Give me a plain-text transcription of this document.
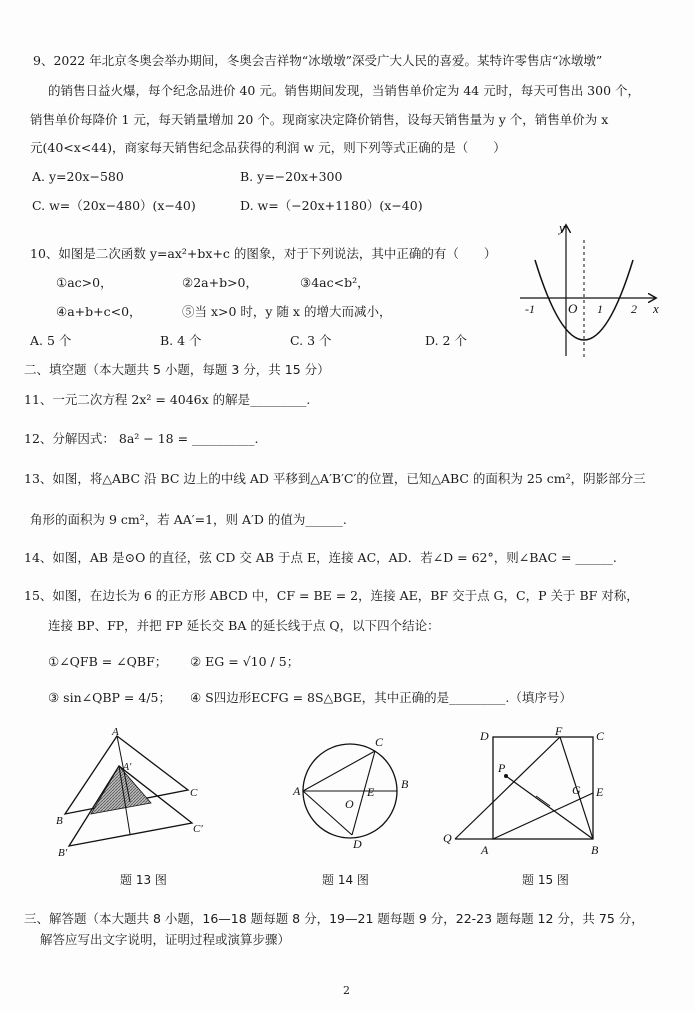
9、2022 年北京冬奥会举办期间，冬奥会吉祥物“冰墩墩”深受广大人民的喜爱。某特许零售店“冰墩墩”
的销售日益火爆，每个纪念品进价 40 元。销售期间发现，当销售单价定为 44 元时，每天可售出 300 个，
销售单价每降价 1 元，每天销量增加 20 个。现商家决定降价销售，设每天销售量为 y 个，销售单价为 x
元(40<x<44)，商家每天销售纪念品获得的利润 w 元，则下列等式正确的是（　　）
A. y=20x−580	B. y=−20x+300
C. w=（20x−480）(x−40)	D. w=（−20x+1180）(x−40)
10、如图是二次函数 y=ax²+bx+c 的图象，对于下列说法，其中正确的有（　　）
①ac>0，	②2a+b>0，	③4ac<b²，
④a+b+c<0，	⑤当 x>0 时，y 随 x 的增大而减小，
A. 5 个	B. 4 个	C. 3 个	D. 2 个
y
x
O
-1	1 2
二、填空题（本大题共 5 小题，每题 3 分，共 15 分）
11、一元二次方程 2x² = 4046x 的解是_________.
12、分解因式： 8a² − 18 = __________.
13、如图，将△ABC 沿 BC 边上的中线 AD 平移到△A′B′C′的位置，已知△ABC 的面积为 25 cm²，阴影部分三
角形的面积为 9 cm²，若 AA′=1，则 A′D 的值为______.
14、如图，AB 是⊙O 的直径，弦 CD 交 AB 于点 E，连接 AC，AD．若∠D = 62°，则∠BAC = ______.
15、如图，在边长为 6 的正方形 ABCD 中，CF = BE = 2，连接 AE，BF 交于点 G，C，P 关于 BF 对称，
连接 BP、FP，并把 FP 延长交 BA 的延长线于点 Q，以下四个结论：
①∠QFB = ∠QBF； ② EG = √10 / 5；
③ sin∠QBP = 4/5； ④ S四边形ECFG = 8S△BGE，其中正确的是_________.（填序号）
A
A′
B
C
B′
C′
题 13 图
A	B
C
D
O
E
题 14 图
D	F	C
P
G E
Q
A	B
题 15 图
三、解答题（本大题共 8 小题，16—18 题每题 8 分，19—21 题每题 9 分，22-23 题每题 12 分，共 75 分，
解答应写出文字说明，证明过程或演算步骤）
2
